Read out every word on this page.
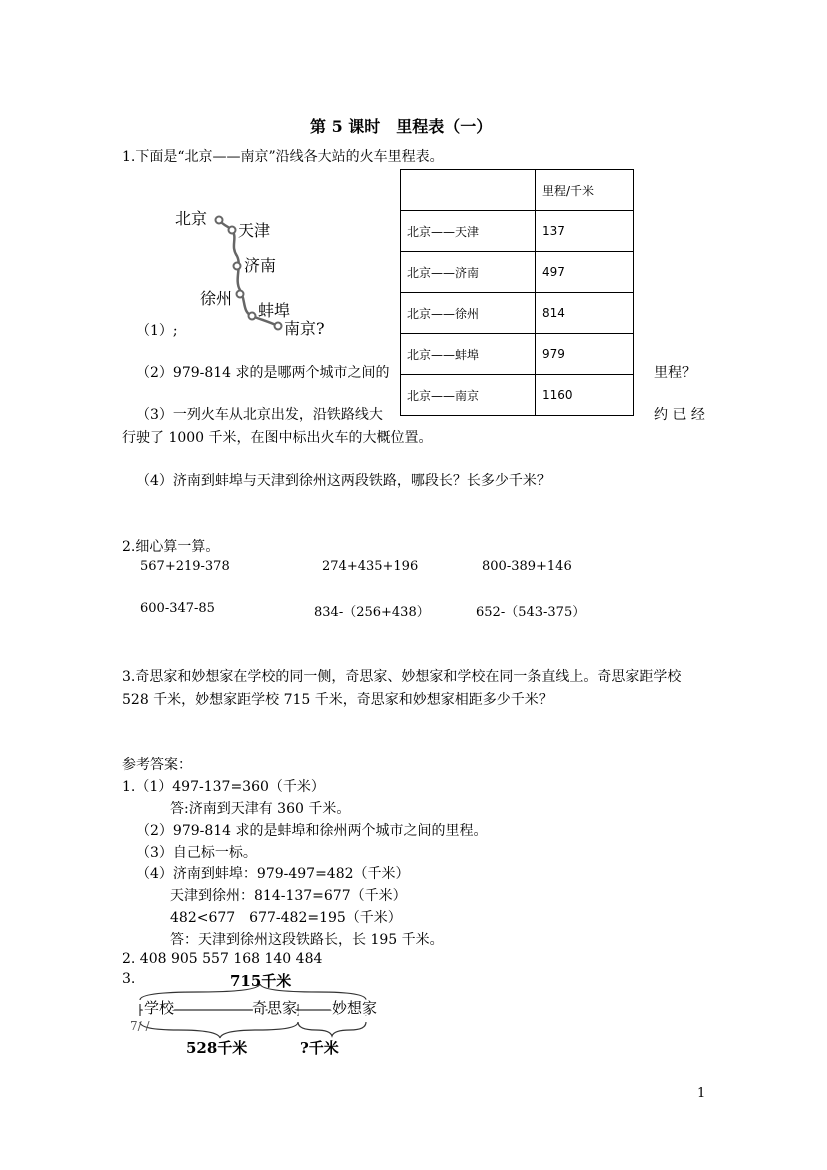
第 5 课时　里程表（一）
1.下面是“北京——南京”沿线各大站的火车里程表。
	里程/千米
北京——天津	137
北京——济南	497
北京——徐州	814
北京——蚌埠	979
北京——南京	1160
北京
天津
济南
徐州
蚌埠
南京?
（1）;
（2）979-814 求的是哪两个城市之间的	里程？
（3）一列火车从北京出发，沿铁路线大	约 已 经
行驶了 1000 千米，在图中标出火车的大概位置。
（4）济南到蚌埠与天津到徐州这两段铁路，哪段长？长多少千米？
2.细心算一算。
567+219-378	274+435+196	800-389+146
600-347-85	834-（256+438）	652-（543-375）
3.奇思家和妙想家在学校的同一侧，奇思家、妙想家和学校在同一条直线上。奇思家距学校
528 千米，妙想家距学校 715 千米，奇思家和妙想家相距多少千米？
参考答案：
1.（1）497-137=360（千米）
答:济南到天津有 360 千米。
（2）979-814 求的是蚌埠和徐州两个城市之间的里程。
（3）自己标一标。
（4）济南到蚌埠：979-497=482（千米）
天津到徐州：814-137=677（千米）
482<677　677-482=195（千米）
答：天津到徐州这段铁路长，长 195 千米。
2. 408 905 557 168 140 484
3.	715千米
学校	奇思家 妙想家
7/ /
528千米	?千米
1
